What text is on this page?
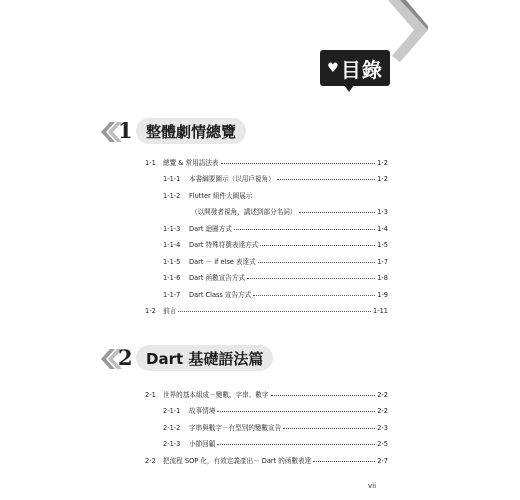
♥ 目錄
1 整體劇情總覽
1-1	總覽 & 常用語法表	1-2
1-1-1	本書綱要圖示（以用戶視角）	1-2
1-1-2	Flutter 組件大圖展示
（以開發者視角，講述到部分名詞）	1-3
1-1-3	Dart 迴圈方式	1-4
1-1-4	Dart 特殊符號表達方式	1-5
1-1-5	Dart － if else 表達式	1-7
1-1-6	Dart 函數宣告方式	1-8
1-1-7	Dart Class 宣告方式	1-9
1-2	前言	1-11
2 Dart 基礎語法篇
2-1	世界的基本組成－變數、字串、數字	2-2
2-1-1	故事情境	2-2
2-1-2	字串與數字－有型別的變數宣告	2-3
2-1-3	小節回顧	2-5
2-2	把流程 SOP 化，有效定義產出－ Dart 的函數表達	2-7
vii
